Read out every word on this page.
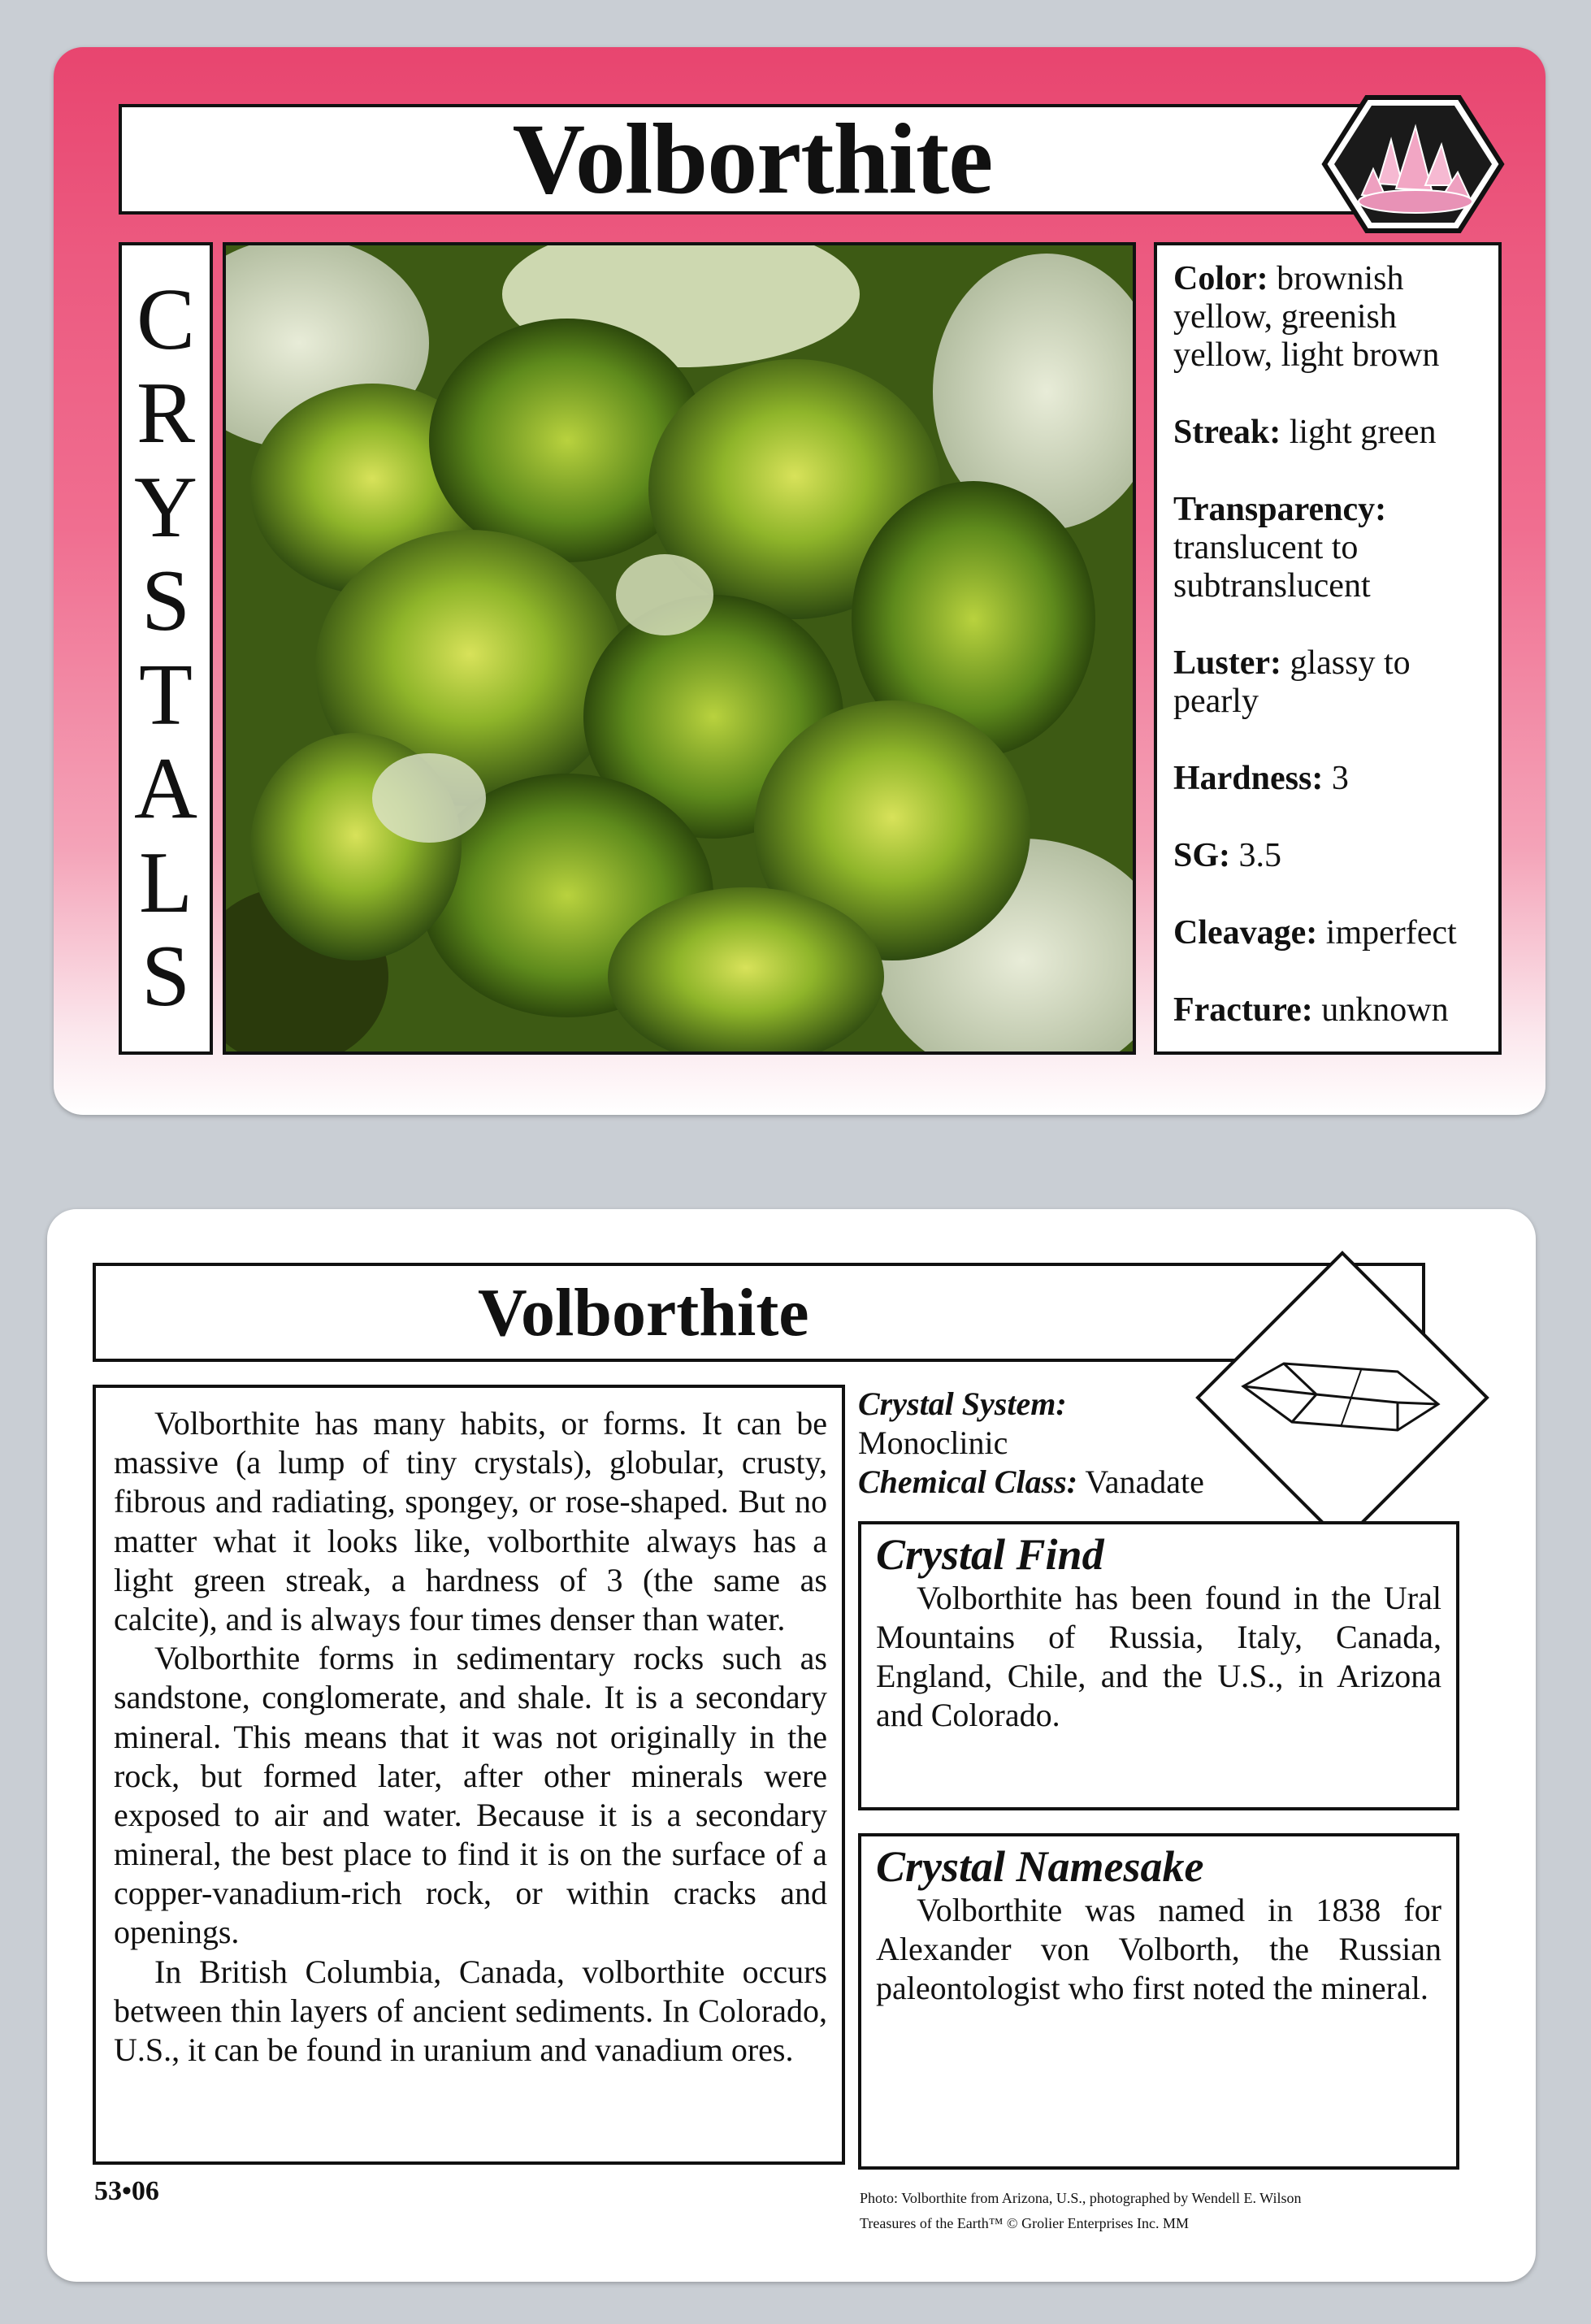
Volborthite
C
R
Y
S
T
A
L
S
Color: brownish yellow, greenish yellow, light brown
Streak: light green
Transparency: translucent to subtranslucent
Luster: glassy to pearly
Hardness: 3
SG: 3.5
Cleavage: imperfect
Fracture: unknown
Volborthite

Volborthite has many habits, or forms. It can be massive (a lump of tiny crystals), globular, crusty, fibrous and radiating, spongey, or rose-shaped. But no matter what it looks like, volborthite always has a light green streak, a hardness of 3 (the same as calcite), and is always four times denser than water.

Volborthite forms in sedimentary rocks such as sandstone, conglomerate, and shale. It is a secondary mineral. This means that it was not originally in the rock, but formed later, after other minerals were exposed to air and water. Because it is a secondary mineral, the best place to find it is on the surface of a copper-vanadium-rich rock, or within cracks and openings.

In British Columbia, Canada, volborthite occurs between thin layers of ancient sediments. In Colorado, U.S., it can be found in uranium and vanadium ores.

Crystal System:
Monoclinic
Chemical Class: Vanadate
Crystal Find
Volborthite has been found in the Ural Mountains of Russia, Italy, Canada, England, Chile, and the U.S., in Arizona and Colorado.
Crystal Namesake
Volborthite was named in 1838 for Alexander von Volborth, the Russian paleontologist who first noted the mineral.
53•06	Photo: Volborthite from Arizona, U.S., photographed by Wendell E. Wilson
Treasures of the Earth™ © Grolier Enterprises Inc. MM
